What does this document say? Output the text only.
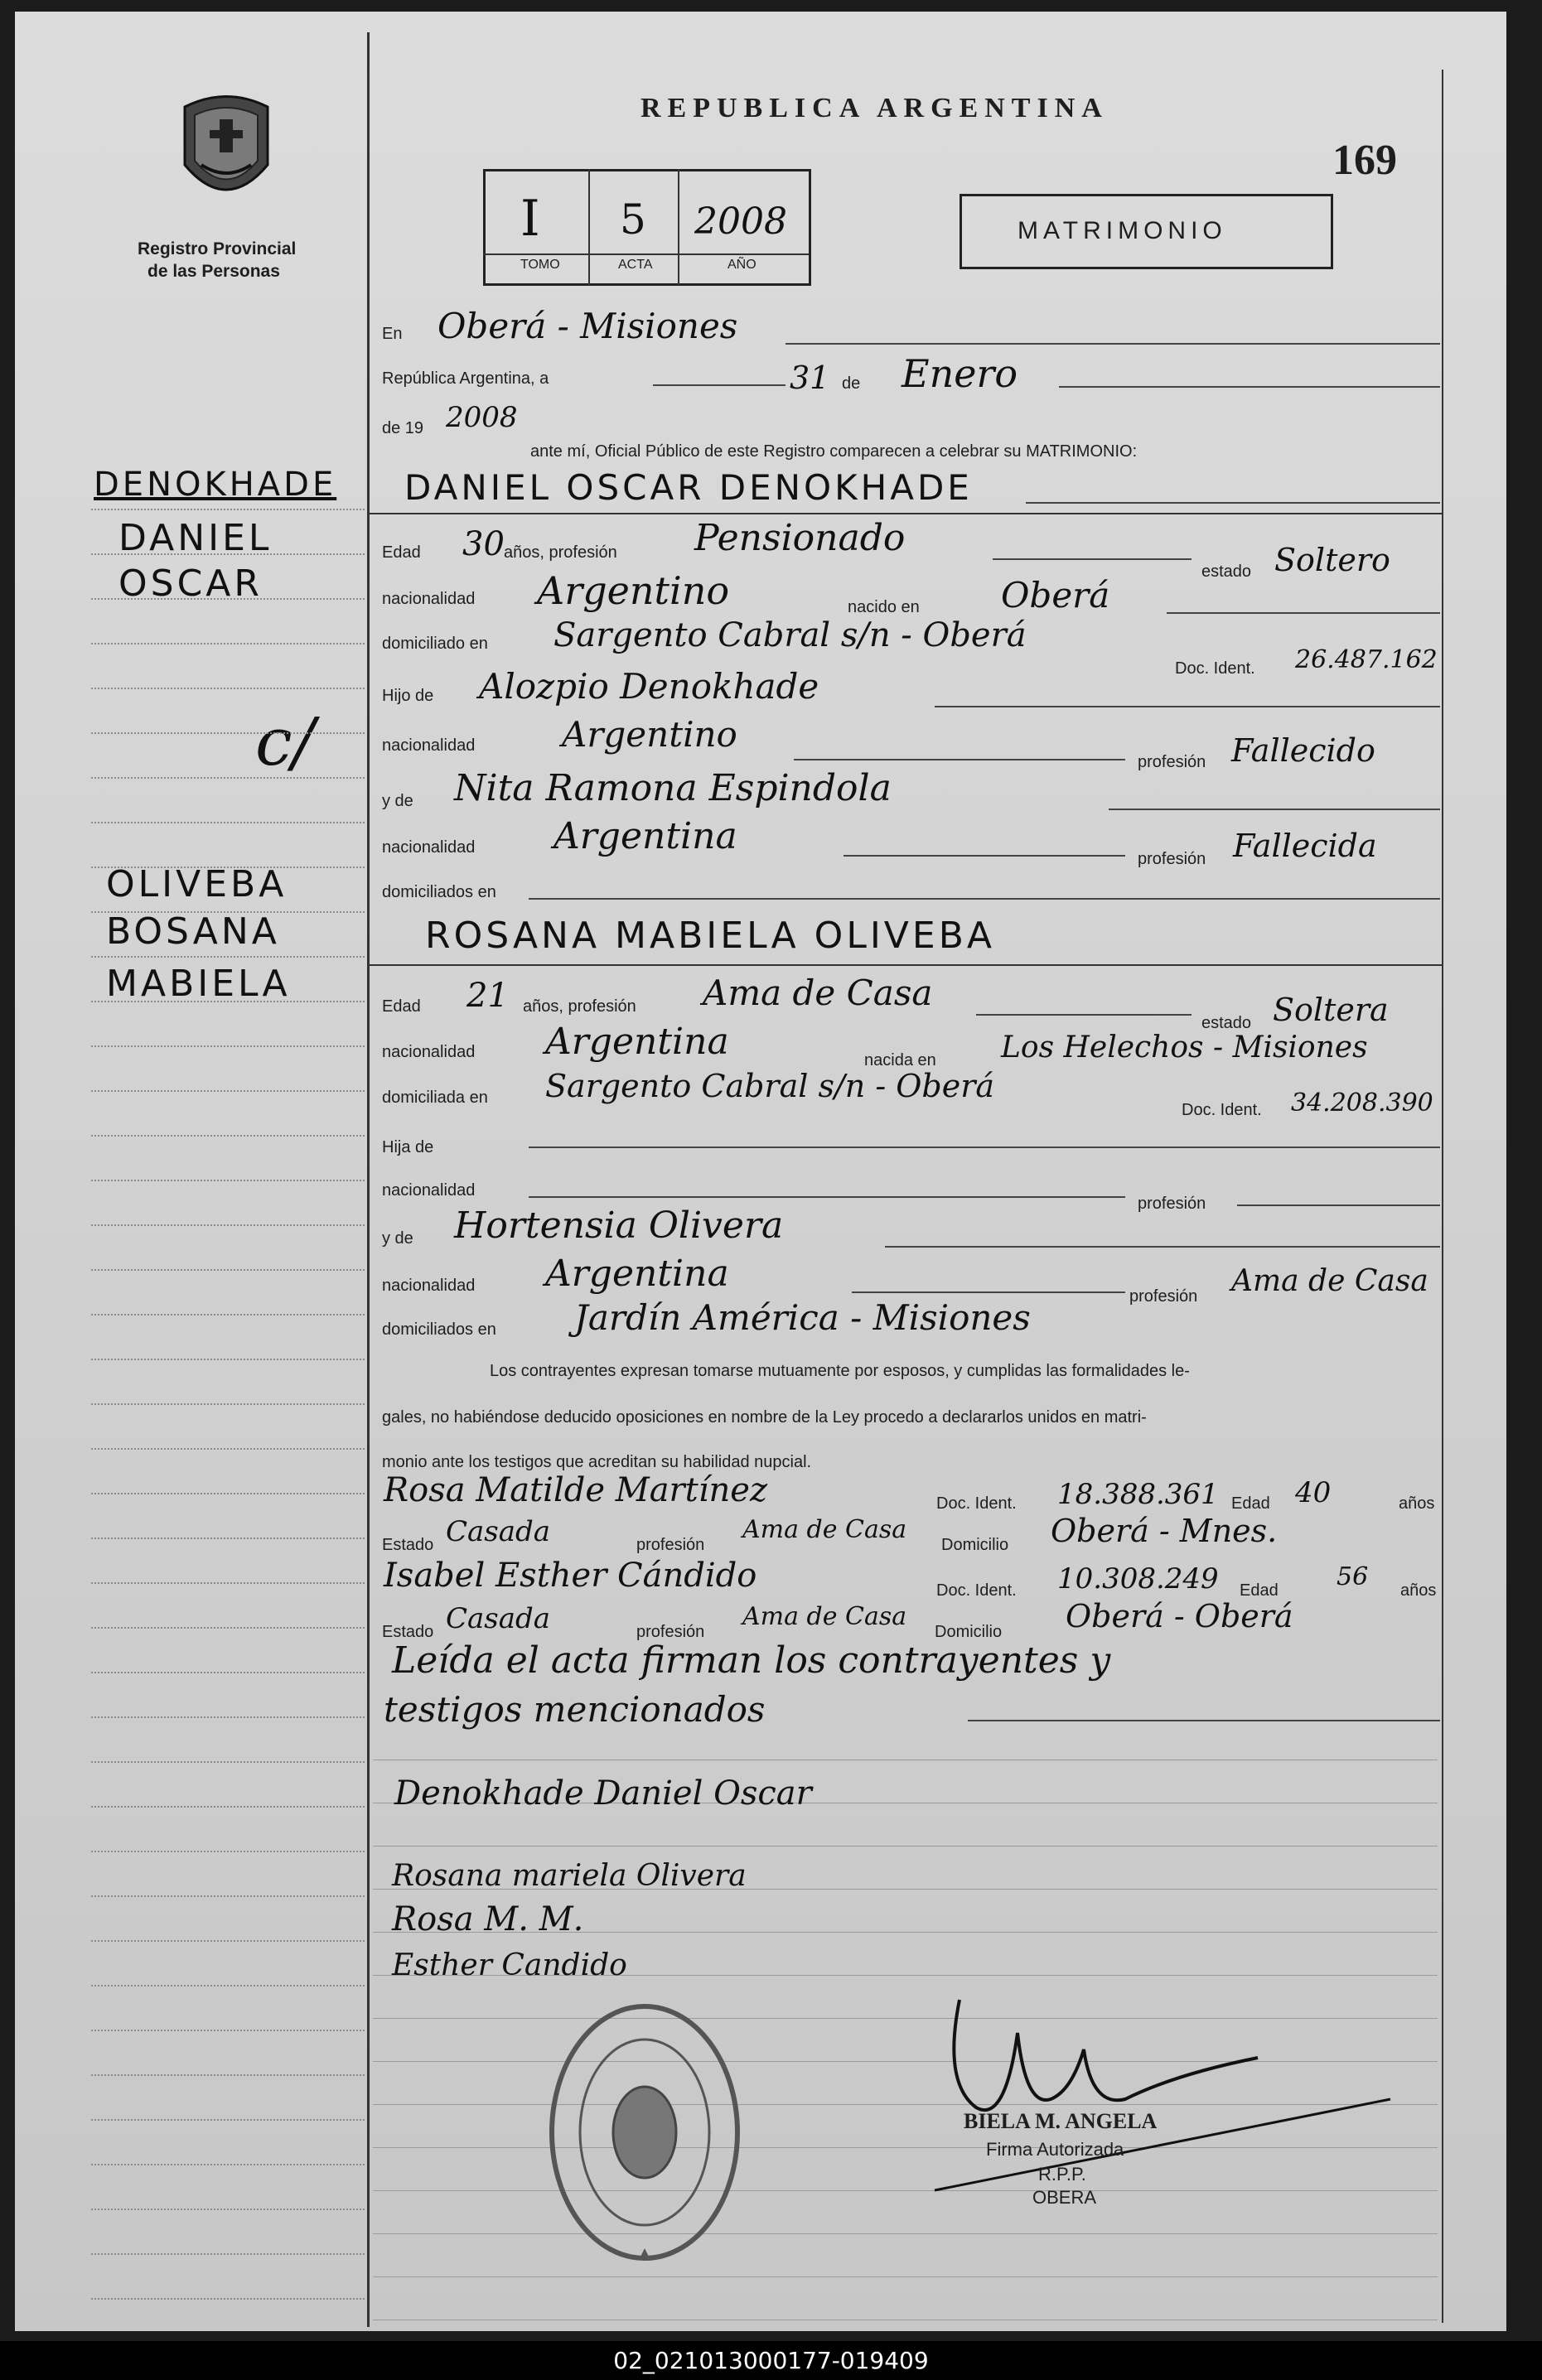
Registro Provincial
de las Personas
REPUBLICA ARGENTINA
169
I 5 2008
TOMO	ACTA	AÑO
MATRIMONIO
DENOKHADE
DANIEL
OSCAR
c/
OLIVEBA
BOSANA
MABIELA
En Oberá - Misiones
República Argentina, a	31 de Enero
de 19 2008
ante mí, Oficial Público de este Registro comparecen a celebrar su MATRIMONIO:
DANIEL OSCAR DENOKHADE
Edad 30 años, profesión Pensionado
estado Soltero
nacionalidad Argentino	nacido en Oberá
domiciliado en Sargento Cabral s/n - Oberá
Doc. Ident. 26.487.162
Hijo de Alozpio Denokhade
nacionalidad Argentino
profesión Fallecido
y de Nita Ramona Espindola
nacionalidad Argentina
profesión Fallecida
domiciliados en
ROSANA MABIELA OLIVEBA
Edad 21 años, profesión Ama de Casa
estado Soltera
nacionalidad Argentina	nacida en Los Helechos - Misiones
domiciliada en Sargento Cabral s/n - Oberá
Doc. Ident. 34.208.390
Hija de
nacionalidad
profesión
y de Hortensia Olivera
nacionalidad Argentina
profesión Ama de Casa
domiciliados en Jardín América - Misiones
Los contrayentes expresan tomarse mutuamente por esposos, y cumplidas las formalidades le-
gales, no habiéndose deducido oposiciones en nombre de la Ley procedo a declararlos unidos en matri-
monio ante los testigos que acreditan su habilidad nupcial.
Rosa Matilde Martínez	Doc. Ident. 18.388.361 Edad 40	años
Estado Casada	profesión
Ama de Casa
Domicilio Oberá - Mnes.
Isabel Esther Cándido	Doc. Ident. 10.308.249 Edad 56 años
Estado Casada	profesión
Ama de Casa
Domicilio Oberá - Oberá
Leída el acta firman los contrayentes y
testigos mencionados
Denokhade Daniel Oscar
Rosana mariela Olivera
Rosa M. M.
Esther Candido
BIELA M. ANGELA
Firma Autorizada
R.P.P.
OBERA
02_021013000177-019409
